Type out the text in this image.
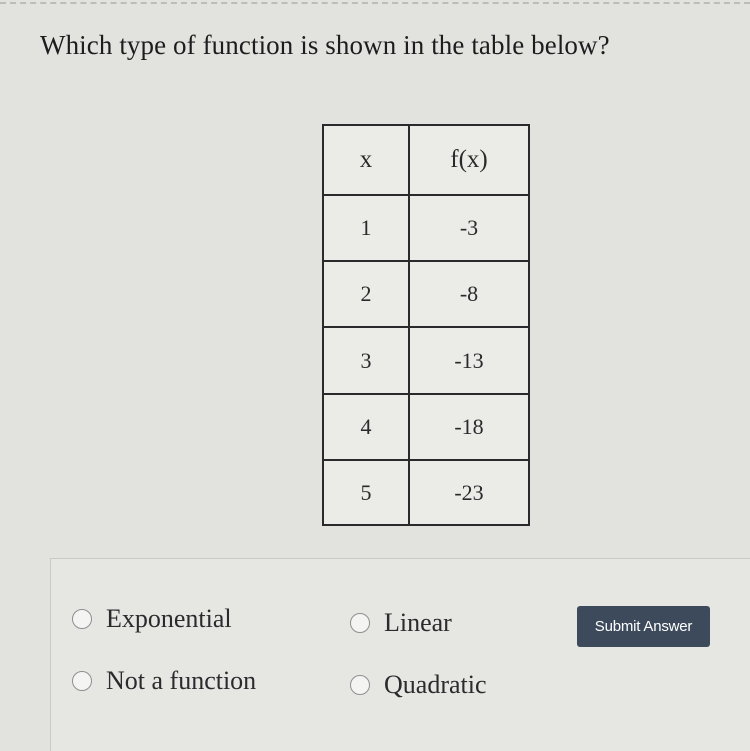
Which type of function is shown in the table below?
x	f(x)
1	-3
2	-8
3	-13
4	-18
5	-23
Exponential
Not a function
Linear
Quadratic
Submit Answer
